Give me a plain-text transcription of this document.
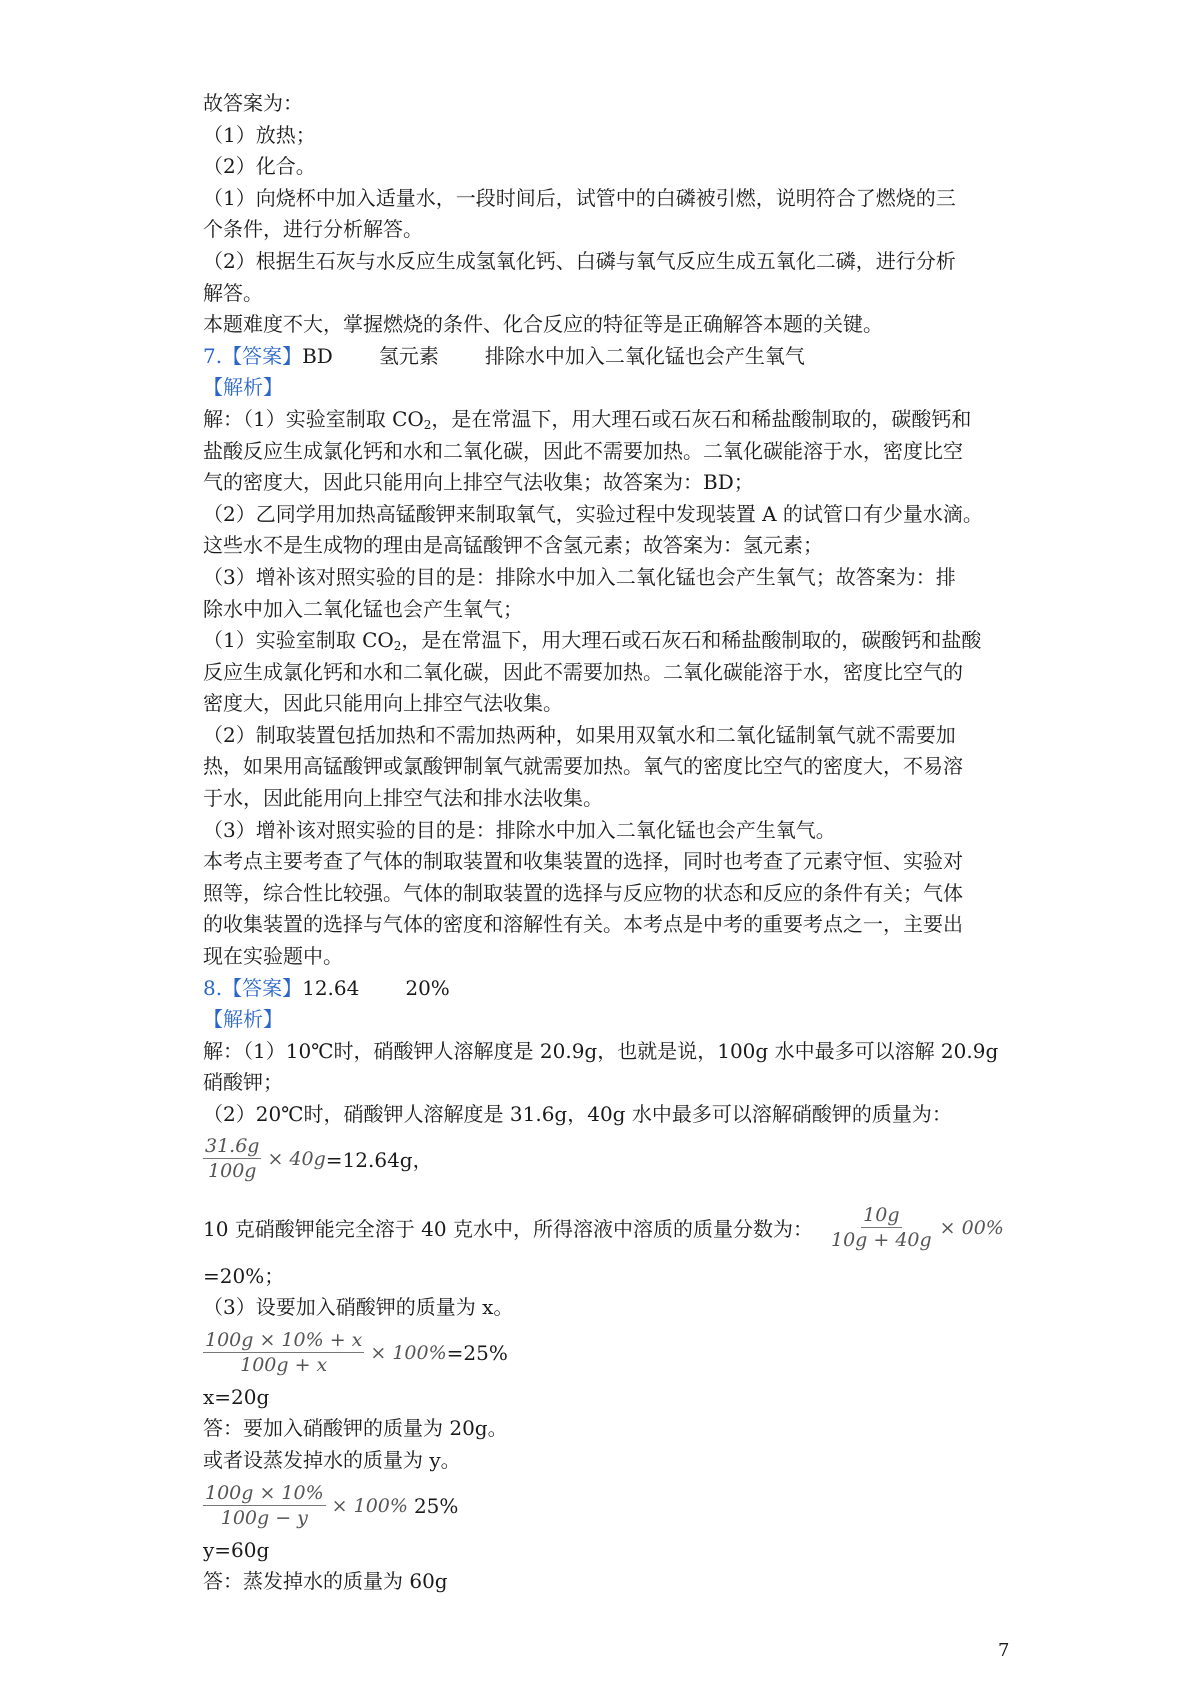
故答案为：
（1）放热；
（2）化合。
（1）向烧杯中加入适量水，一段时间后，试管中的白磷被引燃，说明符合了燃烧的三
个条件，进行分析解答。
（2）根据生石灰与水反应生成氢氧化钙、白磷与氧气反应生成五氧化二磷，进行分析
解答。
本题难度不大，掌握燃烧的条件、化合反应的特征等是正确解答本题的关键。
7.【答案】BD 氢元素 排除水中加入二氧化锰也会产生氧气
【解析】
解：（1）实验室制取 $CO_2$，是在常温下，用大理石或石灰石和稀盐酸制取的，碳酸钙和
盐酸反应生成氯化钙和水和二氧化碳，因此不需要加热。二氧化碳能溶于水，密度比空
气的密度大，因此只能用向上排空气法收集；故答案为：BD；
（2）乙同学用加热高锰酸钾来制取氧气，实验过程中发现装置 A 的试管口有少量水滴。
这些水不是生成物的理由是高锰酸钾不含氢元素；故答案为：氢元素；
（3）增补该对照实验的目的是：排除水中加入二氧化锰也会产生氧气；故答案为：排
除水中加入二氧化锰也会产生氧气；
（1）实验室制取 $CO_2$，是在常温下，用大理石或石灰石和稀盐酸制取的，碳酸钙和盐酸
反应生成氯化钙和水和二氧化碳，因此不需要加热。二氧化碳能溶于水，密度比空气的
密度大，因此只能用向上排空气法收集。
（2）制取装置包括加热和不需加热两种，如果用双氧水和二氧化锰制氧气就不需要加
热，如果用高锰酸钾或氯酸钾制氧气就需要加热。氧气的密度比空气的密度大，不易溶
于水，因此能用向上排空气法和排水法收集。
（3）增补该对照实验的目的是：排除水中加入二氧化锰也会产生氧气。
本考点主要考查了气体的制取装置和收集装置的选择，同时也考查了元素守恒、实验对
照等，综合性比较强。气体的制取装置的选择与反应物的状态和反应的条件有关；气体
的收集装置的选择与气体的密度和溶解性有关。本考点是中考的重要考点之一，主要出
现在实验题中。
8.【答案】12.64 20%
【解析】
解：（1）10℃时，硝酸钾人溶解度是 20.9g，也就是说，100g 水中最多可以溶解 20.9g
硝酸钾；
（2）20℃时，硝酸钾人溶解度是 31.6g，40g 水中最多可以溶解硝酸钾的质量为：
$\frac{31.6g}{100g} \times 40g =12.64g$，
10 克硝酸钾能完全溶于 40 克水中，所得溶液中溶质的质量分数为： $\frac{10g}{10g + 40g} \times 00\%$
=20%；
（3）设要加入硝酸钾的质量为 x。
$\frac{100g \times 10\% + x}{100g + x} \times 100\% =25\%$
x=20g
答：要加入硝酸钾的质量为 20g。
或者设蒸发掉水的质量为 y。
$\frac{100g \times 10\%}{100g - y} \times 100\%$ 25%
y=60g
答：蒸发掉水的质量为 60g
7
